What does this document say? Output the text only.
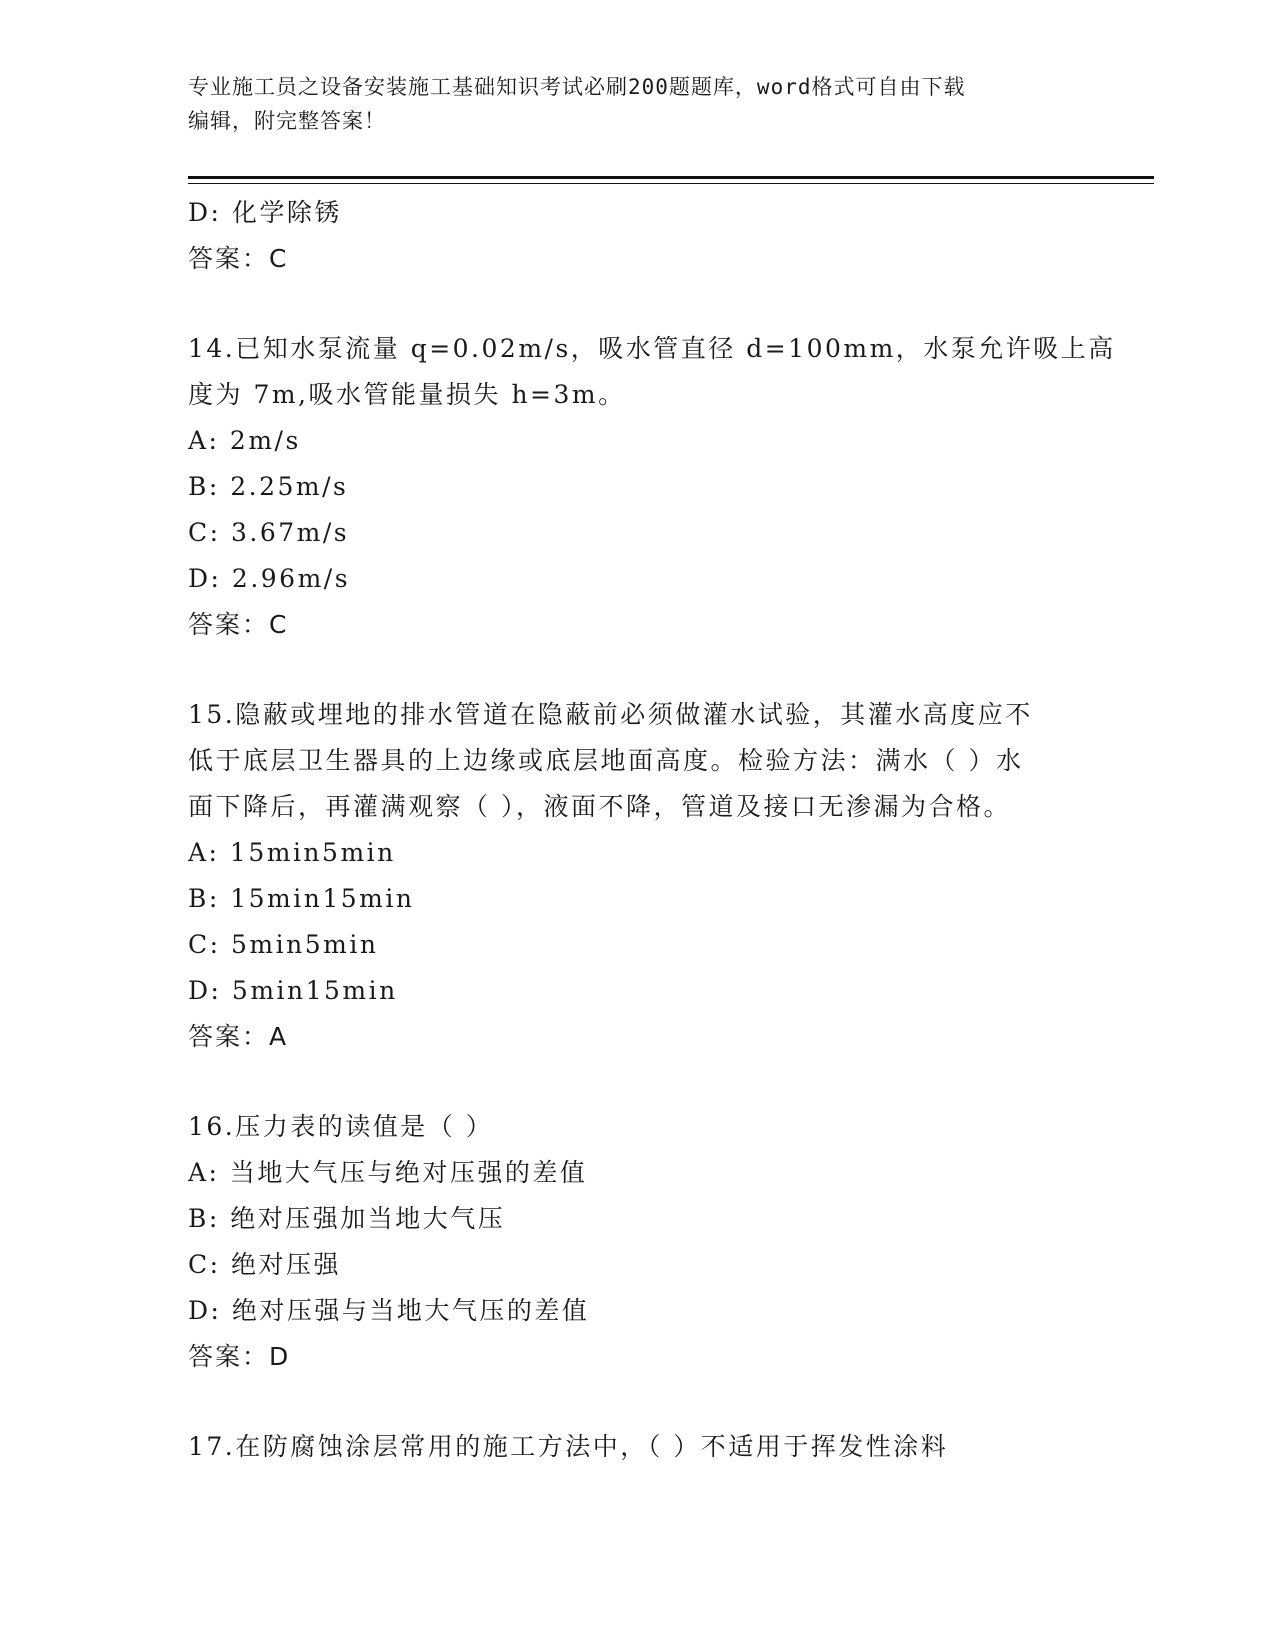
专业施工员之设备安装施工基础知识考试必刷200题题库，word格式可自由下载
编辑，附完整答案！
D: 化学除锈
答案：C
14.已知水泵流量 q=0.02m/s，吸水管直径 d=100mm，水泵允许吸上高
度为 7m,吸水管能量损失 h=3m。
A: 2m/s
B: 2.25m/s
C: 3.67m/s
D: 2.96m/s
答案：C
15.隐蔽或埋地的排水管道在隐蔽前必须做灌水试验，其灌水高度应不
低于底层卫生器具的上边缘或底层地面高度。检验方法：满水（ ）水
面下降后，再灌满观察（ ），液面不降，管道及接口无渗漏为合格。
A: 15min5min
B: 15min15min
C: 5min5min
D: 5min15min
答案：A
16.压力表的读值是（ ）
A: 当地大气压与绝对压强的差值
B: 绝对压强加当地大气压
C: 绝对压强
D: 绝对压强与当地大气压的差值
答案：D
17.在防腐蚀涂层常用的施工方法中，（ ）不适用于挥发性涂料
